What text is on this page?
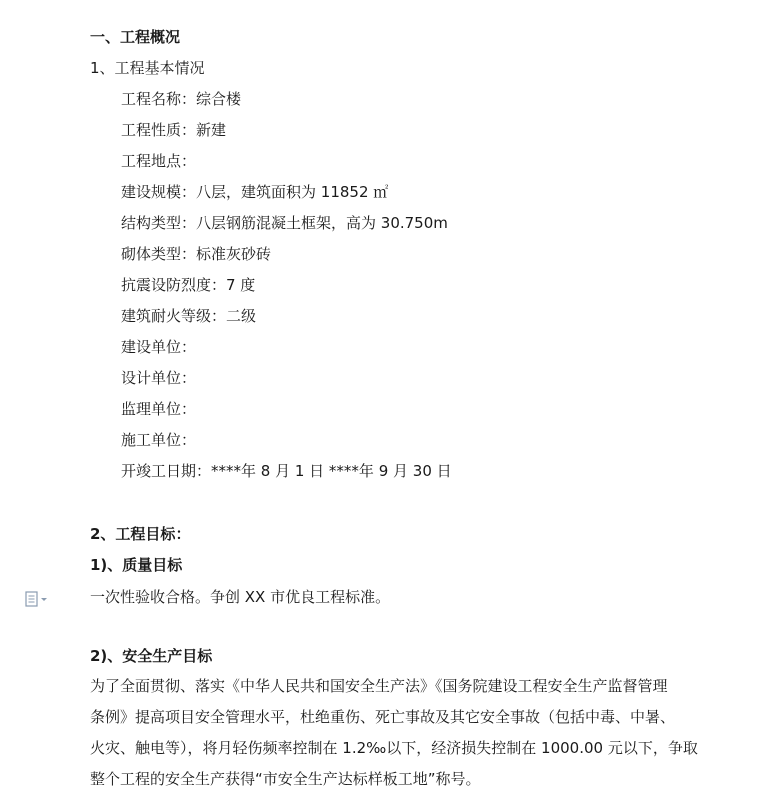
一、工程概况
1、工程基本情况
工程名称：综合楼
工程性质：新建
工程地点：
建设规模：八层，建筑面积为 11852 ㎡
结构类型：八层钢筋混凝土框架，高为 30.750m
砌体类型：标准灰砂砖
抗震设防烈度：7 度
建筑耐火等级：二级
建设单位：
设计单位：
监理单位：
施工单位：
开竣工日期：****年 8 月 1 日 ****年 9 月 30 日
2、工程目标：
1)、质量目标
一次性验收合格。争创 XX 市优良工程标准。
2)、安全生产目标
为了全面贯彻、落实《中华人民共和国安全生产法》《国务院建设工程安全生产监督管理
条例》提高项目安全管理水平，杜绝重伤、死亡事故及其它安全事故（包括中毒、中暑、
火灾、触电等），将月轻伤频率控制在 1.2‰以下，经济损失控制在 1000.00 元以下，争取
整个工程的安全生产获得“市安全生产达标样板工地”称号。
